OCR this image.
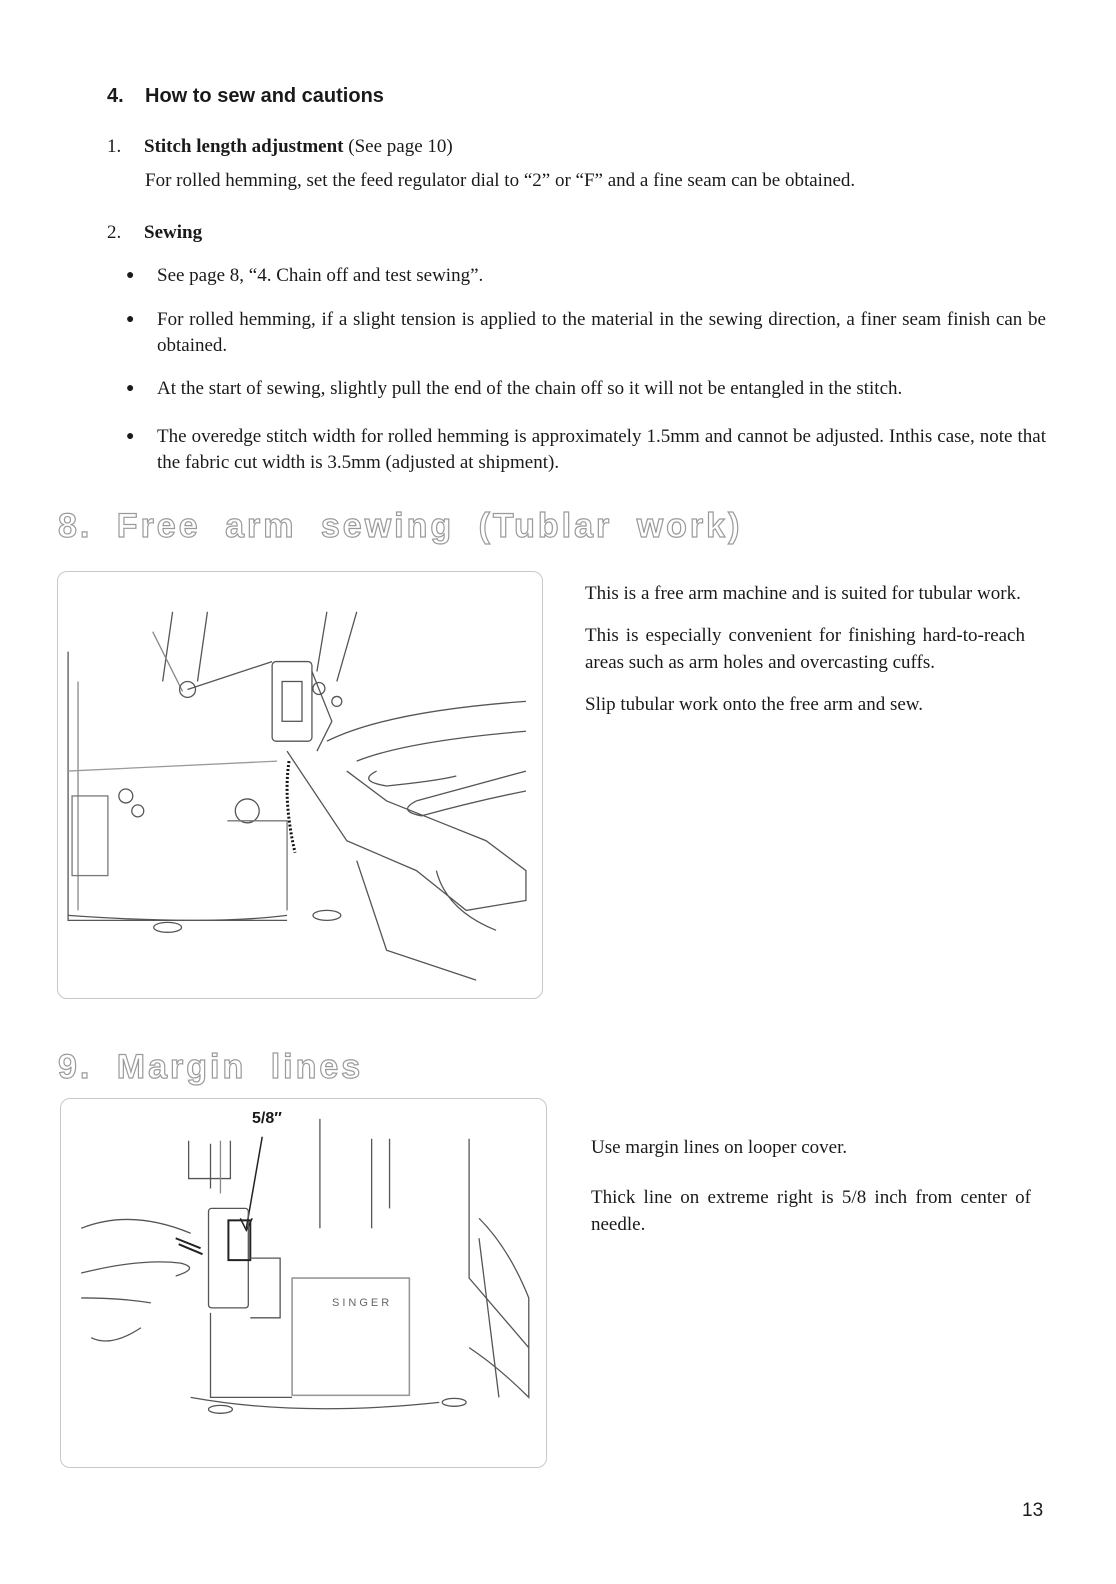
4. How to sew and cautions
1. Stitch length adjustment (See page 10)
For rolled hemming, set the feed regulator dial to “2” or “F” and a fine seam can be obtained.
2. Sewing
●	See page 8, “4. Chain off and test sewing”.
●	For rolled hemming, if a slight tension is applied to the material in the sewing direction, a finer seam finish can be obtained.
●	At the start of sewing, slightly pull the end of the chain off so it will not be entangled in the stitch.
●	The overedge stitch width for rolled hemming is approximately 1.5mm and cannot be adjusted. Inthis case, note that the fabric cut width is 3.5mm (adjusted at shipment).
8. Free arm sewing (Tublar work)

This is a free arm machine and is suited for tubular work.

This is especially convenient for finishing hard-to-reach areas such as arm holes and overcasting cuffs.

Slip tubular work onto the free arm and sew.

9. Margin lines
5/8″
SINGER

Use margin lines on looper cover.

Thick line on extreme right is 5/8 inch from center of needle.

13
